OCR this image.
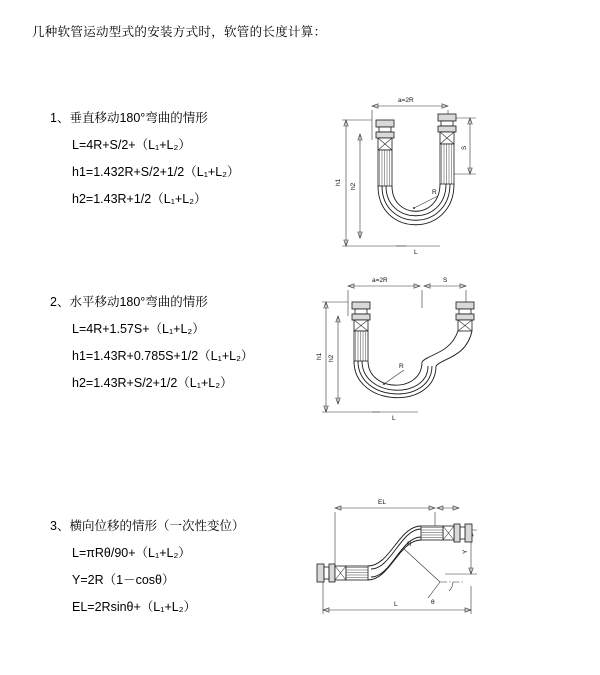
几种软管运动型式的安装方式时，软管的长度计算：
1、垂直移动180°弯曲的情形
L=4R+S/2+（L₁+L₂）
h1=1.432R+S/2+1/2（L₁+L₂）
h2=1.43R+1/2（L₁+L₂）
a=2R
h1
h2
S
R
L
2、水平移动180°弯曲的情形
L=4R+1.57S+（L₁+L₂）
h1=1.43R+0.785S+1/2（L₁+L₂）
h2=1.43R+S/2+1/2（L₁+L₂）
a=2R	S
h1 h2
R
L
3、横向位移的情形（一次性变位）
L=πRθ/90+（L₁+L₂）
Y=2R（1－cosθ）
EL=2Rsinθ+（L₁+L₂）
EL
Y
R
θ
L
